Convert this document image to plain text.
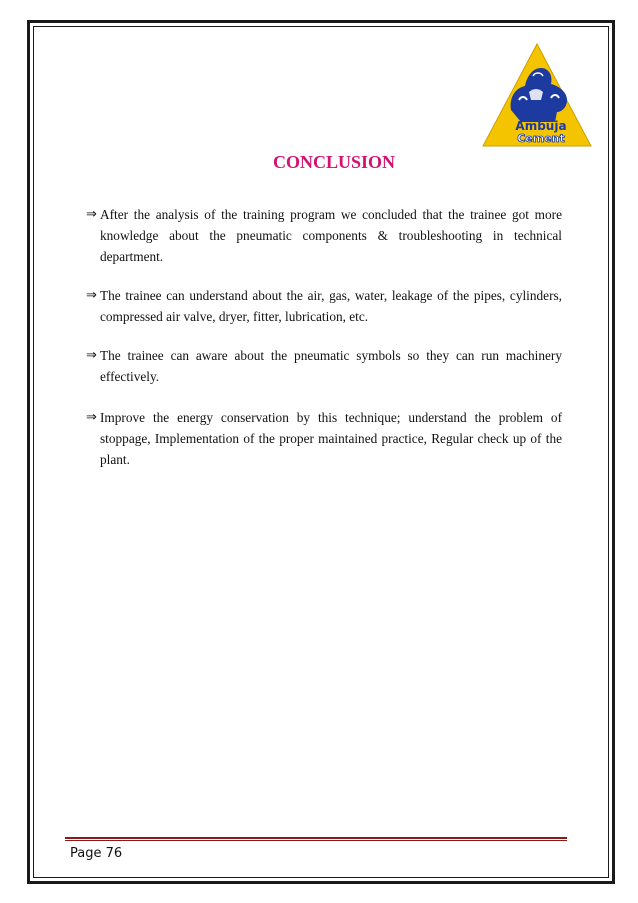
Ambuja
Cement
CONCLUSION
⇒ After the analysis of the training program we concluded that the trainee got more knowledge about the pneumatic components & troubleshooting in technical department.
⇒ The trainee can understand about the air, gas, water, leakage of the pipes, cylinders, compressed air valve, dryer, fitter, lubrication, etc.
⇒ The trainee can aware about the pneumatic symbols so they can run machinery effectively.
⇒ Improve the energy conservation by this technique; understand the problem of stoppage, Implementation of the proper maintained practice, Regular check up of the plant.
Page 76
